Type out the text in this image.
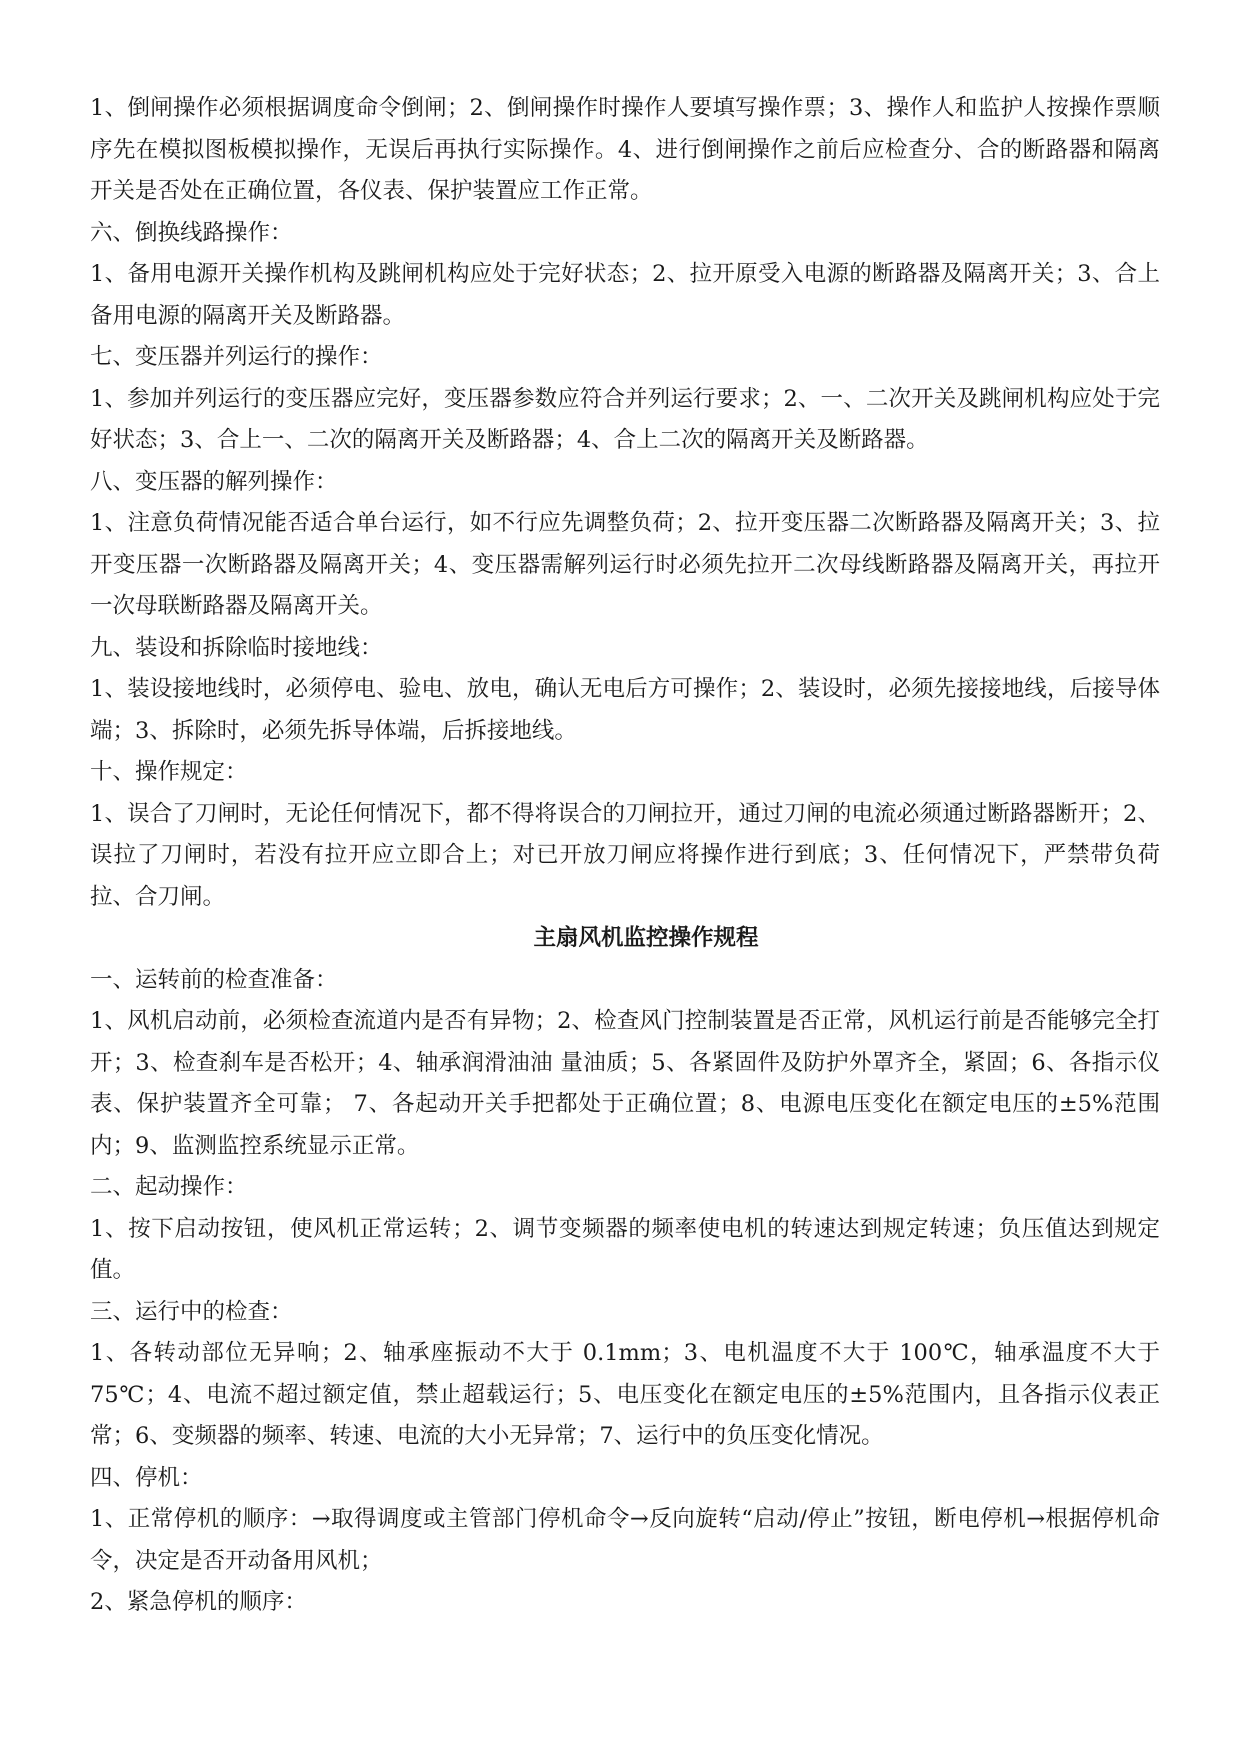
1、倒闸操作必须根据调度命令倒闸；2、倒闸操作时操作人要填写操作票；3、操作人和监护人按操作票顺序先在模拟图板模拟操作，无误后再执行实际操作。4、进行倒闸操作之前后应检查分、合的断路器和隔离开关是否处在正确位置，各仪表、保护装置应工作正常。

六、倒换线路操作：

1、备用电源开关操作机构及跳闸机构应处于完好状态；2、拉开原受入电源的断路器及隔离开关；3、合上备用电源的隔离开关及断路器。

七、变压器并列运行的操作：

1、参加并列运行的变压器应完好，变压器参数应符合并列运行要求；2、一、二次开关及跳闸机构应处于完好状态；3、合上一、二次的隔离开关及断路器；4、合上二次的隔离开关及断路器。

八、变压器的解列操作：

1、注意负荷情况能否适合单台运行，如不行应先调整负荷；2、拉开变压器二次断路器及隔离开关；3、拉开变压器一次断路器及隔离开关；4、变压器需解列运行时必须先拉开二次母线断路器及隔离开关，再拉开一次母联断路器及隔离开关。

九、装设和拆除临时接地线：

1、装设接地线时，必须停电、验电、放电，确认无电后方可操作；2、装设时，必须先接接地线，后接导体端；3、拆除时，必须先拆导体端，后拆接地线。

十、操作规定：

1、误合了刀闸时，无论任何情况下，都不得将误合的刀闸拉开，通过刀闸的电流必须通过断路器断开；2、误拉了刀闸时，若没有拉开应立即合上；对已开放刀闸应将操作进行到底；3、任何情况下，严禁带负荷拉、合刀闸。

主扇风机监控操作规程

一、运转前的检查准备：

1、风机启动前，必须检查流道内是否有异物；2、检查风门控制装置是否正常，风机运行前是否能够完全打开；3、检查刹车是否松开；4、轴承润滑油油 量油质；5、各紧固件及防护外罩齐全，紧固；6、各指示仪表、保护装置齐全可靠； 7、各起动开关手把都处于正确位置；8、电源电压变化在额定电压的±5%范围内；9、监测监控系统显示正常。

二、起动操作：

1、按下启动按钮，使风机正常运转；2、调节变频器的频率使电机的转速达到规定转速；负压值达到规定值。

三、运行中的检查：

1、各转动部位无异响；2、轴承座振动不大于 0.1mm；3、电机温度不大于 100℃，轴承温度不大于 75℃；4、电流不超过额定值，禁止超载运行；5、电压变化在额定电压的±5%范围内，且各指示仪表正常；6、变频器的频率、转速、电流的大小无异常；7、运行中的负压变化情况。

四、停机：

1、正常停机的顺序：→取得调度或主管部门停机命令→反向旋转“启动/停止”按钮，断电停机→根据停机命令，决定是否开动备用风机；

2、紧急停机的顺序：
